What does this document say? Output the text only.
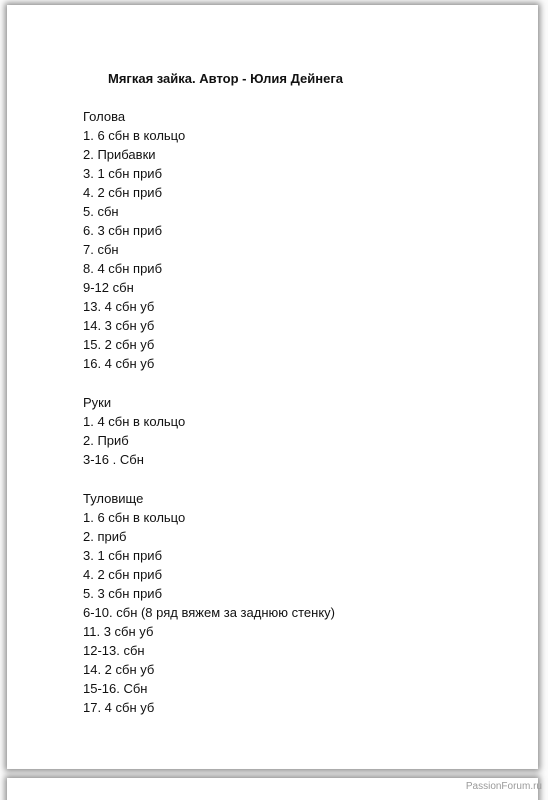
Мягкая зайка. Автор - Юлия Дейнега
Голова
1. 6 сбн в кольцо
2. Прибавки
3. 1 сбн приб
4. 2 сбн приб
5. сбн
6. 3 сбн приб
7. сбн
8. 4 сбн приб
9-12 сбн
13. 4 сбн уб
14. 3 сбн уб
15. 2 сбн уб
16. 4 сбн уб
Руки
1. 4 сбн в кольцо
2. Приб
3-16 . Сбн
Туловище
1. 6 сбн в кольцо
2. приб
3. 1 сбн приб
4. 2 сбн приб
5. 3 сбн приб
6-10. сбн (8 ряд вяжем за заднюю стенку)
11. 3 сбн уб
12-13. сбн
14. 2 сбн уб
15-16. Сбн
17. 4 сбн уб
PassionForum.ru
